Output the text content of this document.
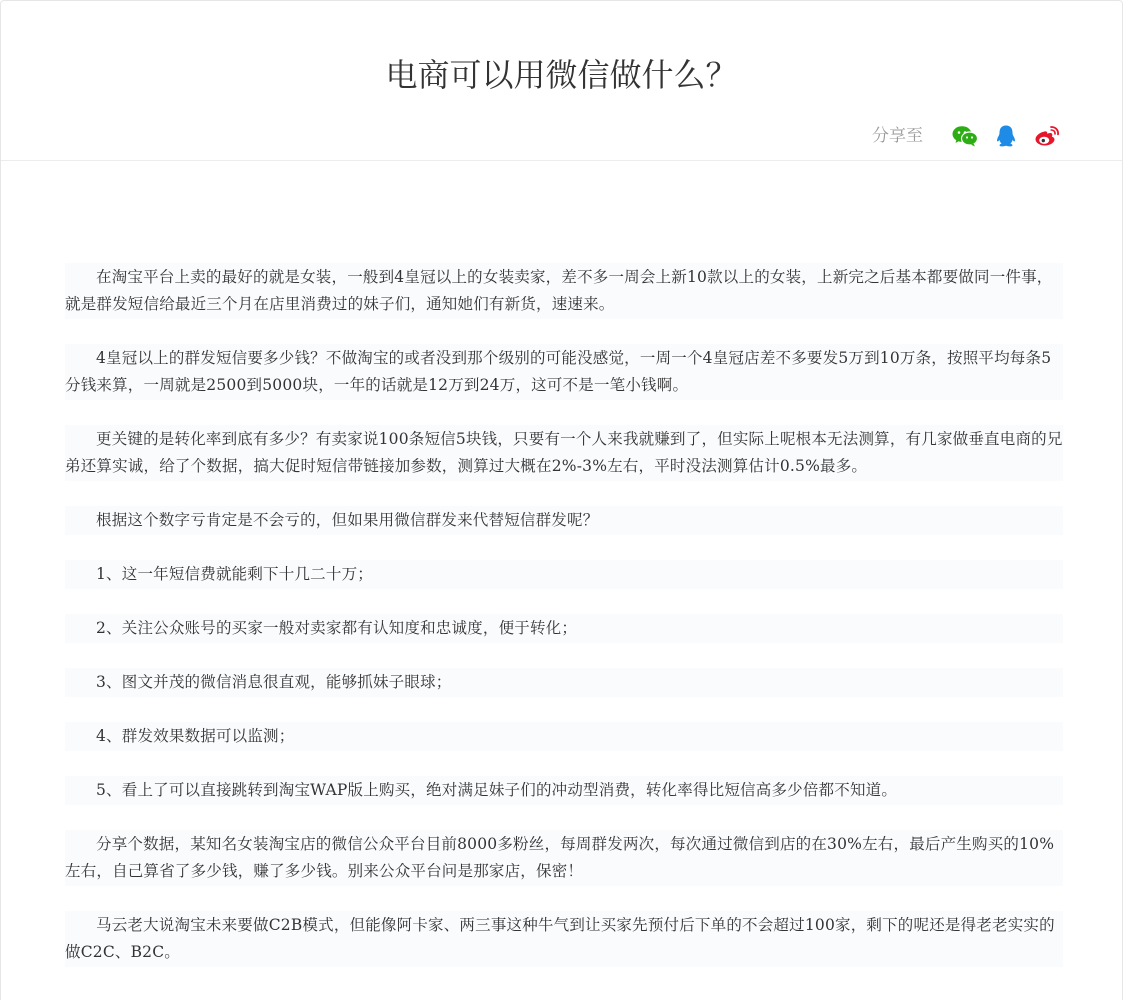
电商可以用微信做什么？
分享至

在淘宝平台上卖的最好的就是女装，一般到4皇冠以上的女装卖家，差不多一周会上新10款以上的女装，上新完之后基本都要做同一件事，就是群发短信给最近三个月在店里消费过的妹子们，通知她们有新货，速速来。

4皇冠以上的群发短信要多少钱？不做淘宝的或者没到那个级别的可能没感觉，一周一个4皇冠店差不多要发5万到10万条，按照平均每条5分钱来算，一周就是2500到5000块，一年的话就是12万到24万，这可不是一笔小钱啊。

更关键的是转化率到底有多少？有卖家说100条短信5块钱，只要有一个人来我就赚到了，但实际上呢根本无法测算，有几家做垂直电商的兄弟还算实诚，给了个数据，搞大促时短信带链接加参数，测算过大概在2%-3%左右，平时没法测算估计0.5%最多。

根据这个数字亏肯定是不会亏的，但如果用微信群发来代替短信群发呢？

1、这一年短信费就能剩下十几二十万；

2、关注公众账号的买家一般对卖家都有认知度和忠诚度，便于转化；

3、图文并茂的微信消息很直观，能够抓妹子眼球；

4、群发效果数据可以监测；

5、看上了可以直接跳转到淘宝WAP版上购买，绝对满足妹子们的冲动型消费，转化率得比短信高多少倍都不知道。

分享个数据，某知名女装淘宝店的微信公众平台目前8000多粉丝，每周群发两次，每次通过微信到店的在30%左右，最后产生购买的10%左右，自己算省了多少钱，赚了多少钱。别来公众平台问是那家店，保密！

马云老大说淘宝未来要做C2B模式，但能像阿卡家、两三事这种牛气到让买家先预付后下单的不会超过100家，剩下的呢还是得老老实实的做C2C、B2C。
